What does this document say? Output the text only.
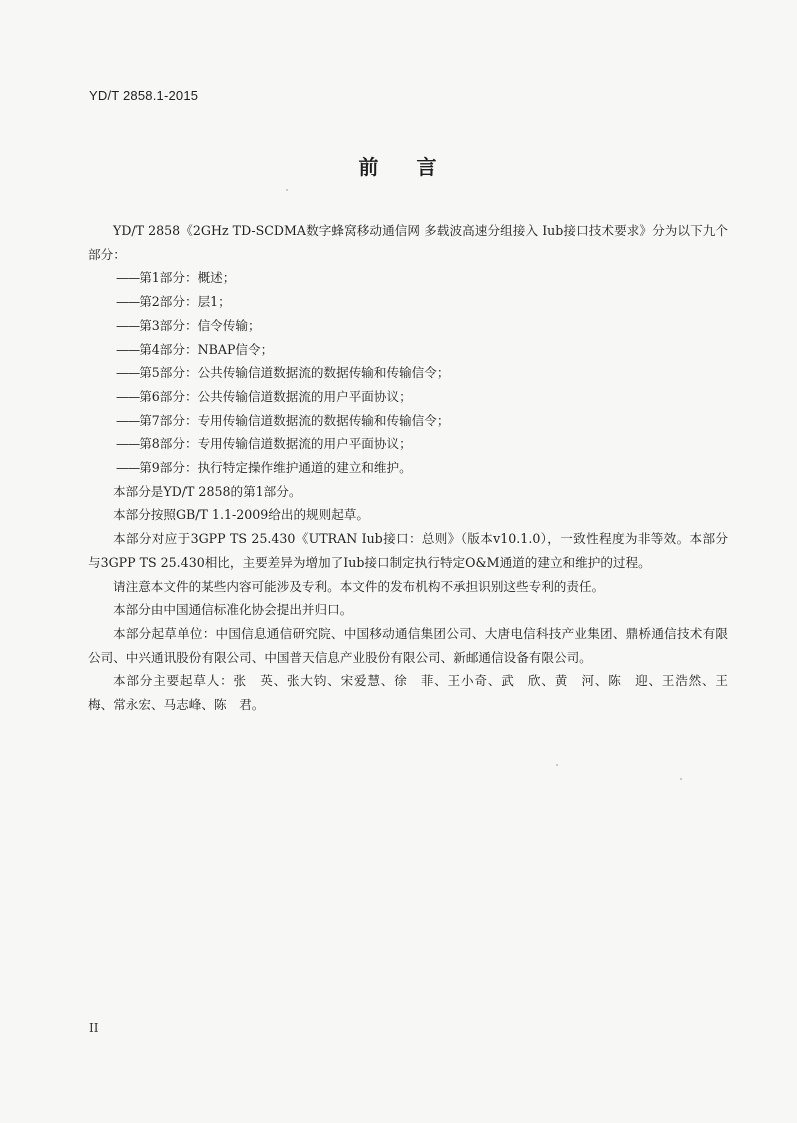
YD/T 2858.1-2015
前 言

YD/T 2858《2GHz TD-SCDMA数字蜂窝移动通信网 多载波高速分组接入 Iub接口技术要求》分为以下九个部分：

——第1部分：概述；
——第2部分：层1；
——第3部分：信令传输；
——第4部分：NBAP信令；
——第5部分：公共传输信道数据流的数据传输和传输信令；
——第6部分：公共传输信道数据流的用户平面协议；
——第7部分：专用传输信道数据流的数据传输和传输信令；
——第8部分：专用传输信道数据流的用户平面协议；
——第9部分：执行特定操作维护通道的建立和维护。

本部分是YD/T 2858的第1部分。

本部分按照GB/T 1.1-2009给出的规则起草。

本部分对应于3GPP TS 25.430《UTRAN Iub接口：总则》（版本v10.1.0），一致性程度为非等效。本部分与3GPP TS 25.430相比，主要差异为增加了Iub接口制定执行特定O&M通道的建立和维护的过程。

请注意本文件的某些内容可能涉及专利。本文件的发布机构不承担识别这些专利的责任。

本部分由中国通信标准化协会提出并归口。

本部分起草单位：中国信息通信研究院、中国移动通信集团公司、大唐电信科技产业集团、鼎桥通信技术有限公司、中兴通讯股份有限公司、中国普天信息产业股份有限公司、新邮通信设备有限公司。

本部分主要起草人：张　英、张大钧、宋爱慧、徐　菲、王小奇、武　欣、黄　河、陈　迎、王浩然、王　梅、常永宏、马志峰、陈　君。

II
